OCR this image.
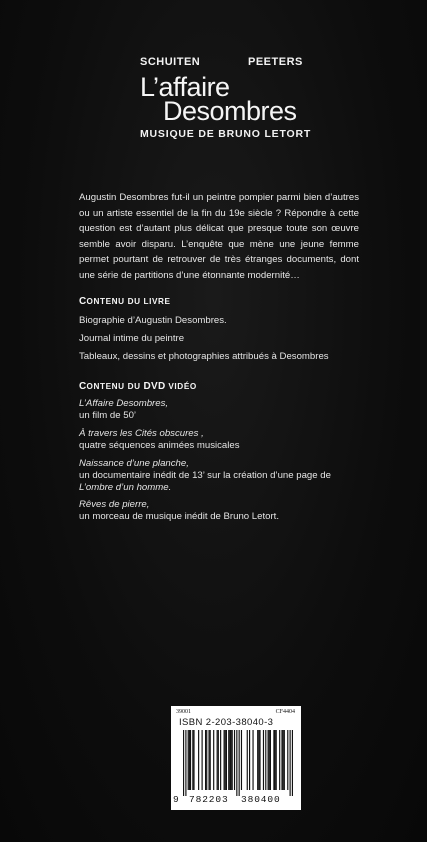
SCHUITEN	PEETERS
L’affaire
Desombres
MUSIQUE DE BRUNO LETORT
Augustin Desombres fut-il un peintre pompier parmi bien d’autres ou un artiste essentiel de la fin du 19e siècle ? Répondre à cette question est d’autant plus délicat que presque toute son œuvre semble avoir disparu. L’enquête que mène une jeune femme permet pourtant de retrouver de très étranges documents, dont une série de partitions d’une étonnante modernité…
CONTENU DU LIVRE
Biographie d’Augustin Desombres.
Journal intime du peintre
Tableaux, dessins et photographies attribués à Desombres
CONTENU DU DVD VIDÉO
L’Affaire Desombres,
un film de 50’
À travers les Cités obscures ,
quatre séquences animées musicales
Naissance d’une planche,
un documentaire inédit de 13’ sur la création d’une page de
L’ombre d’un homme.
Rêves de pierre,
un morceau de musique inédit de Bruno Letort.
39001	CF4404
ISBN 2-203-38040-3
9 782203 380400
